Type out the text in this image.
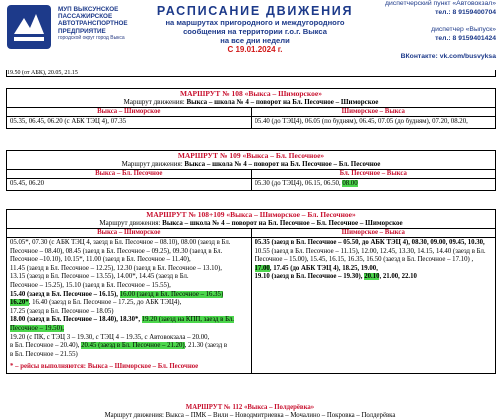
МУП ВЫКСУНСКОЕ
ПАССАЖИРСКОЕ
АВТОТРАНСПОРТНОЕ
ПРЕДПРИЯТИЕ
городской округ город Выкса
РАСПИСАНИЕ ДВИЖЕНИЯ
на маршрутах пригородного и междугородного
сообщения на территории г.о.г. Выкса
на все дни недели
С 19.01.2024 г.
диспетчерский пункт «Автовокзал»
тел.: 8 9159400704
диспетчер «Выпуск»
тел.: 8 9159401424
ВКонтакте: vk.com/busvyksa
19.50 (от АБК), 20.05, 21.15
МАРШРУТ № 108 «Выкса – Шиморское»
Маршрут движения: Выкса – школа № 4 – поворот на Бл. Песочное – Шиморское
Выкса – Шиморское
05.35, 06.45, 06.20 (с АБК ТЭЦ 4), 07.35
Шиморское – Выкса
05.40 (до ТЭЦ4), 06.05 (по будням), 06.45, 07.05 (до будням), 07.20, 08.20,
МАРШРУТ № 109 «Выкса – Бл. Песочное»
Маршрут движения: Выкса – школа № 4 – поворот на Бл. Песочное – Бл. Песочное
Выкса – Бл. Песочное
05.45, 06.20
Бл. Песочное – Выкса
05.30 (до ТЭЦ4), 06.15, 06.50, 08.00
МАРШРУТ № 108+109 «Выкса – Шиморское – Бл. Песочное»
Маршрут движения: Выкса – школа № 4 – поворот на Бл. Песочное – Бл. Песочное – Шиморское
Выкса – Шиморское
05.05*, 07.30 (с АБК ТЭЦ 4, заезд в Бл. Песочное – 08.10), 08.00 (заезд в Бл.
Песочное – 08.40), 08.45 (заезд в Бл. Песочное – 09.25), 09.30 (заезд в Бл.
Песочное –10.10), 10.15*, 11.00 (заезд в Бл. Песочное – 11.40),
11.45 (заезд в Бл. Песочное – 12.25), 12.30 (заезд в Бл. Песочное – 13.10),
13.15 (заезд в Бл. Песочное – 13.55), 14.00*, 14.45 (заезд в Бл.
Песочное – 15.25), 15.10 (заезд в Бл. Песочное – 15.55),
15.40 (заезд в Бл. Песочное – 16.15), 16.00 (заезд в Бл. Песочное – 16.35)
16.20*, 16.40 (заезд в Бл. Песочное – 17.25, до АБК ТЭЦ4),
17.25 (заезд в Бл. Песочное – 18.05)
18.00 (заезд в Бл. Песочное – 18.40), 18.30*, 19.20 (заезд на КПП, заезд в Бл.
Песочное – 19.50),
19.20 (с ПК, с ТЭЦ 3 – 19.30, с ТЭЦ 4 – 19.35, с Автовокзала – 20.00,
в Бл. Песочное – 20.40), 20.45 (заезд в Бл. Песочное – 21.20), 21.30 (заезд в
в Бл. Песочное – 21.55)
* – рейсы выполняются: Выкса – Шиморское – Бл. Песочное
Шиморское – Выкса
05.35 (заезд в Бл. Песочное – 05.50, до АБК ТЭЦ 4), 08.30, 09.00, 09.45, 10.30,
10.55 (заезд в Бл. Песочное – 11.15), 12.00, 12.45, 13.30, 14.15, 14.40 (заезд в Бл.
Песочное – 15.00), 15.45, 16.15, 16.35, 16.50 (заезд в Бл. Песочное – 17.10) ,
17.00, 17.45 (до АБК ТЭЦ 4), 18.25, 19.00,
19.10 (заезд в Бл. Песочное – 19.30), 20.10, 21.00, 22.10
МАРШРУТ № 112 «Выкса – Полдерёвка»
Маршрут движения: Выкса – ПМК – Вили – Новодмитриевка – Мочалино – Покровка – Полдерёвка
